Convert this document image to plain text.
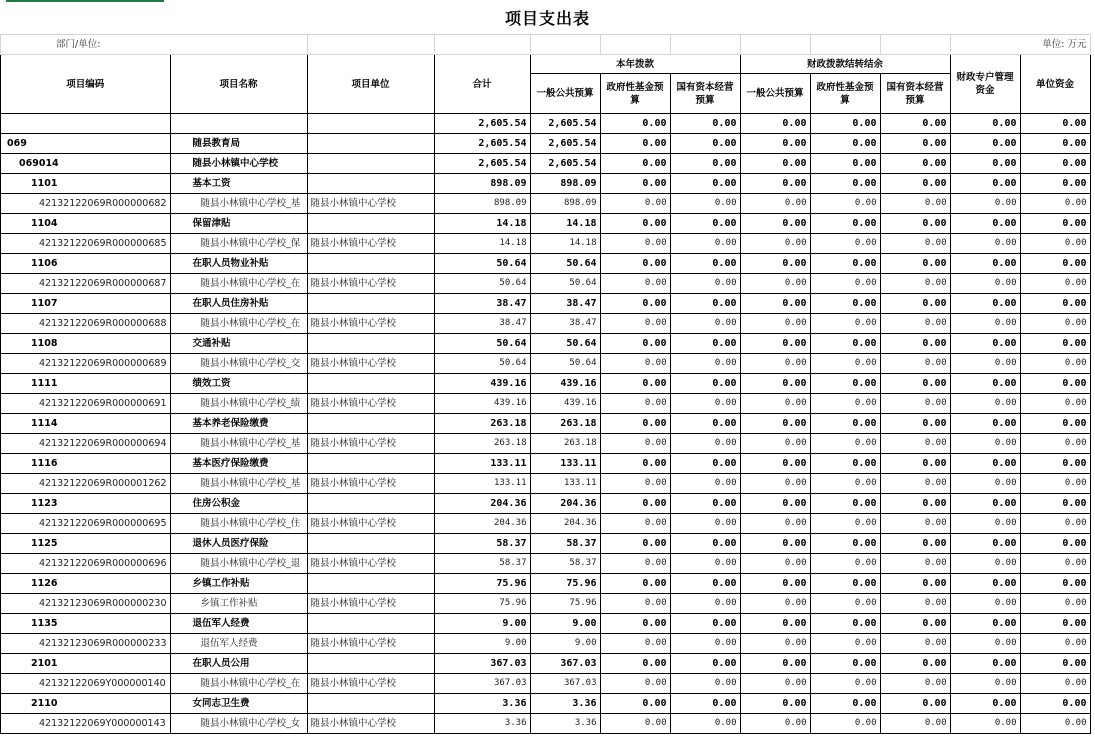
项目支出表
部门/单位:										单位: 万元	
项目编码	项目名称	项目单位	合计	本年拨款			财政拨款结转结余			财政专户管理资金	单位资金
				一般公共预算	政府性基金预算	国有资本经营预算	一般公共预算	政府性基金预算	国有资本经营预算		
			2,605.54	2,605.54	0.00	0.00	0.00	0.00	0.00	0.00	0.00
069	随县教育局		2,605.54	2,605.54	0.00	0.00	0.00	0.00	0.00	0.00	0.00
069014	随县小林镇中心学校		2,605.54	2,605.54	0.00	0.00	0.00	0.00	0.00	0.00	0.00
1101	基本工资		898.09	898.09	0.00	0.00	0.00	0.00	0.00	0.00	0.00
42132122069R000000682	随县小林镇中心学校_基	随县小林镇中心学校	898.09	898.09	0.00	0.00	0.00	0.00	0.00	0.00	0.00
1104	保留津贴		14.18	14.18	0.00	0.00	0.00	0.00	0.00	0.00	0.00
42132122069R000000685	随县小林镇中心学校_保	随县小林镇中心学校	14.18	14.18	0.00	0.00	0.00	0.00	0.00	0.00	0.00
1106	在职人员物业补贴		50.64	50.64	0.00	0.00	0.00	0.00	0.00	0.00	0.00
42132122069R000000687	随县小林镇中心学校_在	随县小林镇中心学校	50.64	50.64	0.00	0.00	0.00	0.00	0.00	0.00	0.00
1107	在职人员住房补贴		38.47	38.47	0.00	0.00	0.00	0.00	0.00	0.00	0.00
42132122069R000000688	随县小林镇中心学校_在	随县小林镇中心学校	38.47	38.47	0.00	0.00	0.00	0.00	0.00	0.00	0.00
1108	交通补贴		50.64	50.64	0.00	0.00	0.00	0.00	0.00	0.00	0.00
42132122069R000000689	随县小林镇中心学校_交	随县小林镇中心学校	50.64	50.64	0.00	0.00	0.00	0.00	0.00	0.00	0.00
1111	绩效工资		439.16	439.16	0.00	0.00	0.00	0.00	0.00	0.00	0.00
42132122069R000000691	随县小林镇中心学校_绩	随县小林镇中心学校	439.16	439.16	0.00	0.00	0.00	0.00	0.00	0.00	0.00
1114	基本养老保险缴费		263.18	263.18	0.00	0.00	0.00	0.00	0.00	0.00	0.00
42132122069R000000694	随县小林镇中心学校_基	随县小林镇中心学校	263.18	263.18	0.00	0.00	0.00	0.00	0.00	0.00	0.00
1116	基本医疗保险缴费		133.11	133.11	0.00	0.00	0.00	0.00	0.00	0.00	0.00
42132122069R000001262	随县小林镇中心学校_基	随县小林镇中心学校	133.11	133.11	0.00	0.00	0.00	0.00	0.00	0.00	0.00
1123	住房公积金		204.36	204.36	0.00	0.00	0.00	0.00	0.00	0.00	0.00
42132122069R000000695	随县小林镇中心学校_住	随县小林镇中心学校	204.36	204.36	0.00	0.00	0.00	0.00	0.00	0.00	0.00
1125	退休人员医疗保险		58.37	58.37	0.00	0.00	0.00	0.00	0.00	0.00	0.00
42132122069R000000696	随县小林镇中心学校_退	随县小林镇中心学校	58.37	58.37	0.00	0.00	0.00	0.00	0.00	0.00	0.00
1126	乡镇工作补贴		75.96	75.96	0.00	0.00	0.00	0.00	0.00	0.00	0.00
42132123069R000000230	乡镇工作补贴	随县小林镇中心学校	75.96	75.96	0.00	0.00	0.00	0.00	0.00	0.00	0.00
1135	退伍军人经费		9.00	9.00	0.00	0.00	0.00	0.00	0.00	0.00	0.00
42132123069R000000233	退伍军人经费	随县小林镇中心学校	9.00	9.00	0.00	0.00	0.00	0.00	0.00	0.00	0.00
2101	在职人员公用		367.03	367.03	0.00	0.00	0.00	0.00	0.00	0.00	0.00
42132122069Y000000140	随县小林镇中心学校_在	随县小林镇中心学校	367.03	367.03	0.00	0.00	0.00	0.00	0.00	0.00	0.00
2110	女同志卫生费		3.36	3.36	0.00	0.00	0.00	0.00	0.00	0.00	0.00
42132122069Y000000143	随县小林镇中心学校_女	随县小林镇中心学校	3.36	3.36	0.00	0.00	0.00	0.00	0.00	0.00	0.00
